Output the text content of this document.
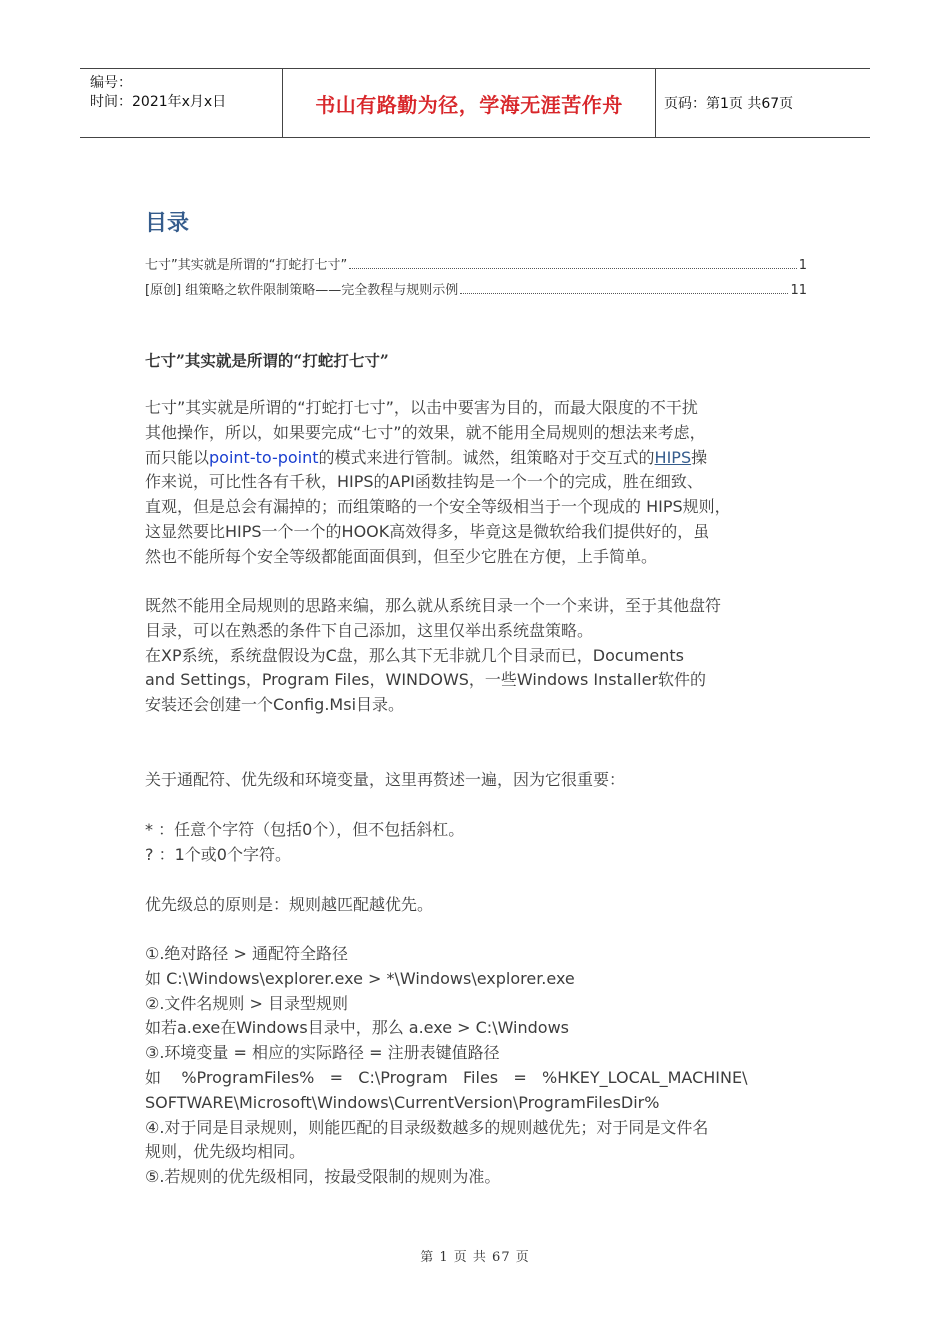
编号：
时间：2021年x月x日	书山有路勤为径，学海无涯苦作舟	页码：第1页 共67页
目录
七寸”其实就是所谓的“打蛇打七寸”	1
[原创] 组策略之软件限制策略——完全教程与规则示例	11
七寸”其实就是所谓的“打蛇打七寸”
七寸”其实就是所谓的“打蛇打七寸”，以击中要害为目的，而最大限度的不干扰
其他操作，所以，如果要完成“七寸”的效果，就不能用全局规则的想法来考虑，
而只能以point-to-point的模式来进行管制。诚然，组策略对于交互式的HIPS操
作来说，可比性各有千秋，HIPS的API函数挂钩是一个一个的完成，胜在细致、
直观，但是总会有漏掉的；而组策略的一个安全等级相当于一个现成的 HIPS规则，
这显然要比HIPS一个一个的HOOK高效得多，毕竟这是微软给我们提供好的，虽
然也不能所每个安全等级都能面面俱到，但至少它胜在方便，上手简单。
既然不能用全局规则的思路来编，那么就从系统目录一个一个来讲，至于其他盘符
目录，可以在熟悉的条件下自己添加，这里仅举出系统盘策略。
在XP系统，系统盘假设为C盘，那么其下无非就几个目录而已，Documents
and Settings，Program Files，WINDOWS，一些Windows Installer软件的
安装还会创建一个Config.Msi目录。
关于通配符、优先级和环境变量，这里再赘述一遍，因为它很重要：
* ：任意个字符（包括0个），但不包括斜杠。
? ：1个或0个字符。
优先级总的原则是：规则越匹配越优先。
①.绝对路径 > 通配符全路径
如 C:\Windows\explorer.exe > *\Windows\explorer.exe
②.文件名规则 > 目录型规则
如若a.exe在Windows目录中，那么 a.exe > C:\Windows
③.环境变量 = 相应的实际路径 = 注册表键值路径
如    %ProgramFiles%   =   C:\Program   Files   =   %HKEY_LOCAL_MACHINE\
SOFTWARE\Microsoft\Windows\CurrentVersion\ProgramFilesDir%
④.对于同是目录规则，则能匹配的目录级数越多的规则越优先；对于同是文件名
规则，优先级均相同。
⑤.若规则的优先级相同，按最受限制的规则为准。
第 1 页 共 67 页
